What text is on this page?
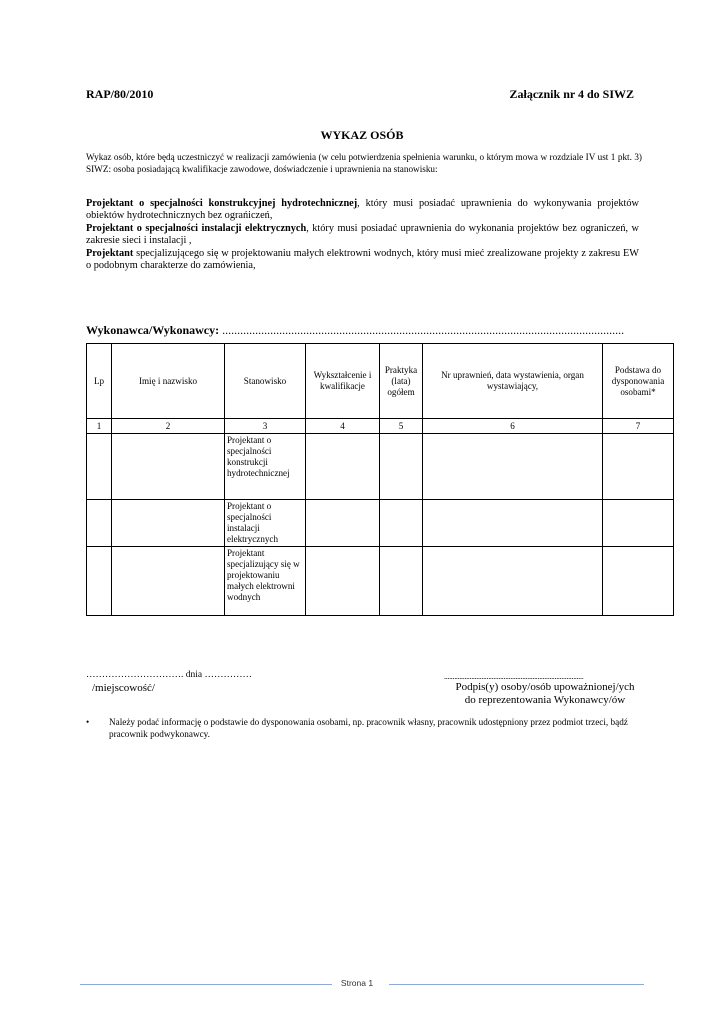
RAP/80/2010	Załącznik nr 4 do SIWZ
WYKAZ OSÓB
Wykaz osób, które będą uczestniczyć w realizacji zamówienia (w celu potwierdzenia spełnienia warunku, o którym mowa w rozdziale IV ust 1 pkt. 3) SIWZ: osoba posiadającą kwalifikacje zawodowe, doświadczenie i uprawnienia na stanowisku:
Projektant o specjalności konstrukcyjnej hydrotechnicznej, który musi posiadać uprawnienia do wykonywania projektów obiektów hydrotechnicznych bez ograńiczeń,
Projektant o specjalności instalacji elektrycznych, który musi posiadać uprawnienia do wykonania projektów bez ograniczeń, w zakresie sieci i instalacji ,
Projektant specjalizującego się w projektowaniu małych elektrowni wodnych, który musi mieć zrealizowane projekty z zakresu EW o podobnym charakterze do zamówienia,
Wykonawca/Wykonawcy: ......................................................................................................................................
Lp	Imię i nazwisko	Stanowisko	Wykształcenie i kwalifikacje	Praktyka (lata) ogółem	Nr uprawnień, data wystawienia, organ wystawiający,	Podstawa do dysponowania osobami*
1	2	3	4	5	6	7
		Projektant o specjalności konstrukcji hydrotechnicznej				
		Projektant o specjalności instalacji elektrycznych				
		Projektant specjalizujący się w projektowaniu małych elektrowni wodnych				
…………………………. dnia ……………	..................................................................................
/miejscowość/	Podpis(y) osoby/osób upoważnionej/ych
do reprezentowania Wykonawcy/ów
• Należy podać informację o podstawie do dysponowania osobami, np. pracownik własny, pracownik udostępniony przez podmiot trzeci, bądź pracownik podwykonawcy.
Strona 1
